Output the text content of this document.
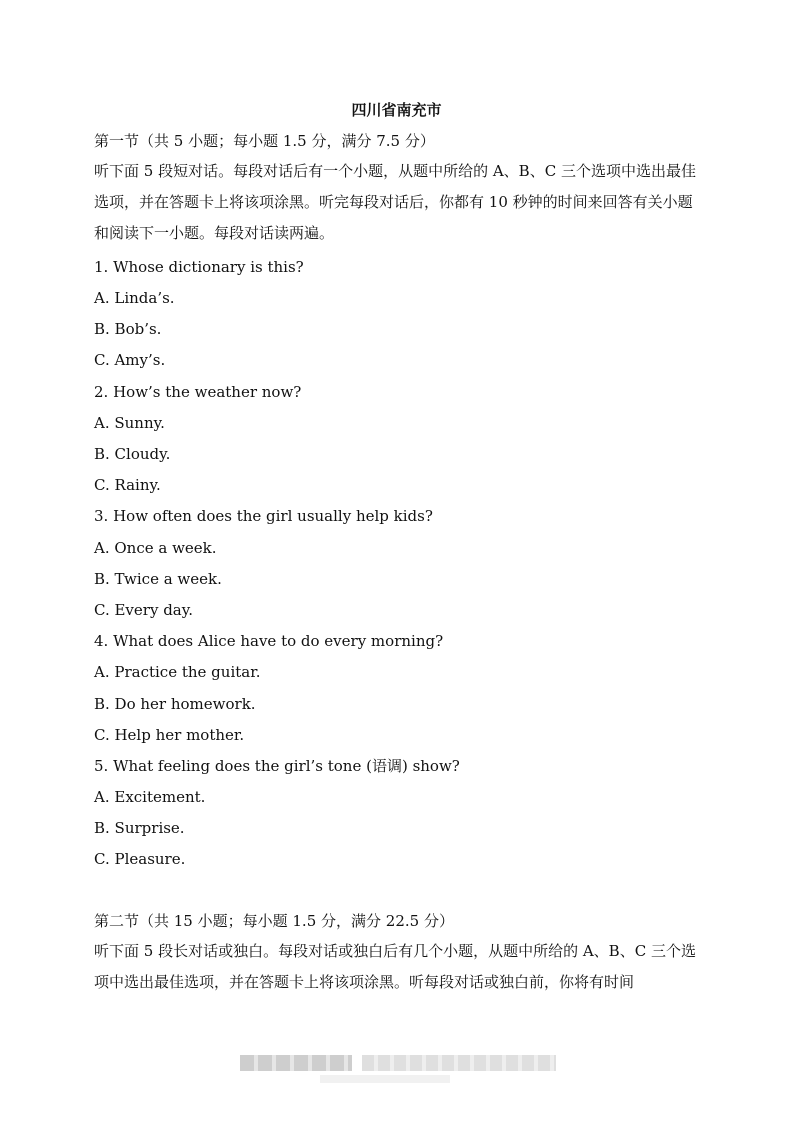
四川省南充市
第一节（共 5 小题；每小题 1.5 分，满分 7.5 分）
听下面 5 段短对话。每段对话后有一个小题，从题中所给的 A、B、C 三个选项中选出最佳选项，并在答题卡上将该项涂黑。听完每段对话后，你都有 10 秒钟的时间来回答有关小题和阅读下一小题。每段对话读两遍。
1. Whose dictionary is this?
A. Linda’s.
B. Bob’s.
C. Amy’s.
2. How’s the weather now?
A. Sunny.
B. Cloudy.
C. Rainy.
3. How often does the girl usually help kids?
A. Once a week.
B. Twice a week.
C. Every day.
4. What does Alice have to do every morning?
A. Practice the guitar.
B. Do her homework.
C. Help her mother.
5. What feeling does the girl’s tone (语调) show?
A. Excitement.
B. Surprise.
C. Pleasure.
第二节（共 15 小题；每小题 1.5 分，满分 22.5 分）
听下面 5 段长对话或独白。每段对话或独白后有几个小题，从题中所给的 A、B、C 三个选项中选出最佳选项，并在答题卡上将该项涂黑。听每段对话或独白前，你将有时间
